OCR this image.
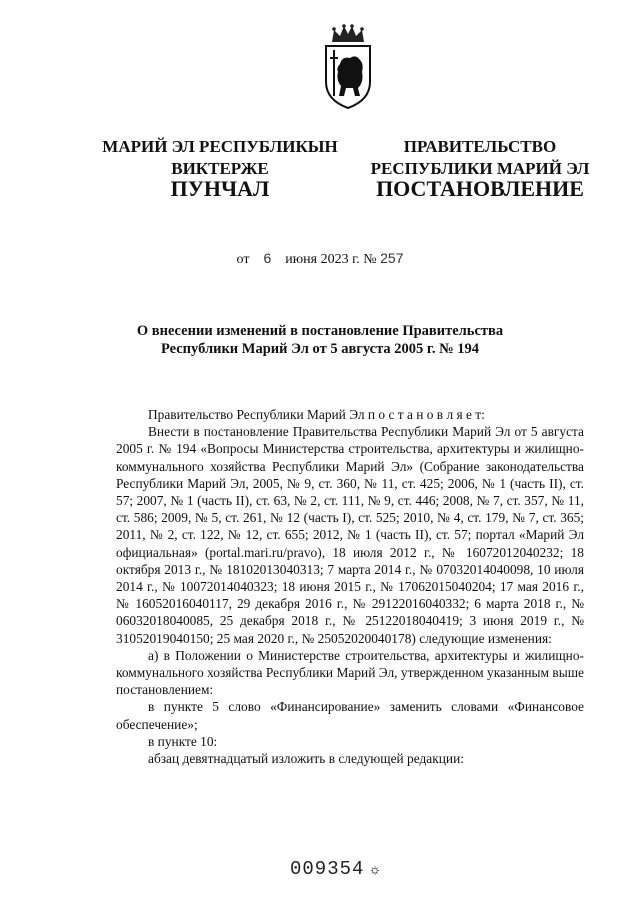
МАРИЙ ЭЛ РЕСПУБЛИКЫН
ВИКТЕРЖЕ
ПРАВИТЕЛЬСТВО
РЕСПУБЛИКИ МАРИЙ ЭЛ
ПУНЧАЛ	ПОСТАНОВЛЕНИЕ
от 6 июня 2023 г. № 257
О внесении изменений в постановление Правительства
Республики Марий Эл от 5 августа 2005 г. № 194

Правительство Республики Марий Эл п о с т а н о в л я е т:

Внести в постановление Правительства Республики Марий Эл от 5 августа 2005 г. № 194 «Вопросы Министерства строительства, архитектуры и жилищно-коммунального хозяйства Республики Марий Эл» (Собрание законодательства Республики Марий Эл, 2005, № 9, ст. 360, № 11, ст. 425; 2006, № 1 (часть II), ст. 57; 2007, № 1 (часть II), ст. 63, № 2, ст. 111, № 9, ст. 446; 2008, № 7, ст. 357, № 11, ст. 586; 2009, № 5, ст. 261, № 12 (часть I), ст. 525; 2010, № 4, ст. 179, № 7, ст. 365; 2011, № 2, ст. 122, № 12, ст. 655; 2012, № 1 (часть II), ст. 57; портал «Марий Эл официальная» (portal.mari.ru/pravo), 18 июля 2012 г., № 16072012040232; 18 октября 2013 г., № 18102013040313; 7 марта 2014 г., № 07032014040098, 10 июля 2014 г., № 10072014040323; 18 июня 2015 г., № 17062015040204; 17 мая 2016 г., № 16052016040117, 29 декабря 2016 г., № 29122016040332; 6 марта 2018 г., № 06032018040085, 25 декабря 2018 г., № 25122018040419; 3 июня 2019 г., № 31052019040150; 25 мая 2020 г., № 25052020040178) следующие изменения:

а) в Положении о Министерстве строительства, архитектуры и жилищно-коммунального хозяйства Республики Марий Эл, утвержденном указанным выше постановлением:

в пункте 5 слово «Финансирование» заменить словами «Финансовое обеспечение»;

в пункте 10:

абзац девятнадцатый изложить в следующей редакции:

009354 ☼
